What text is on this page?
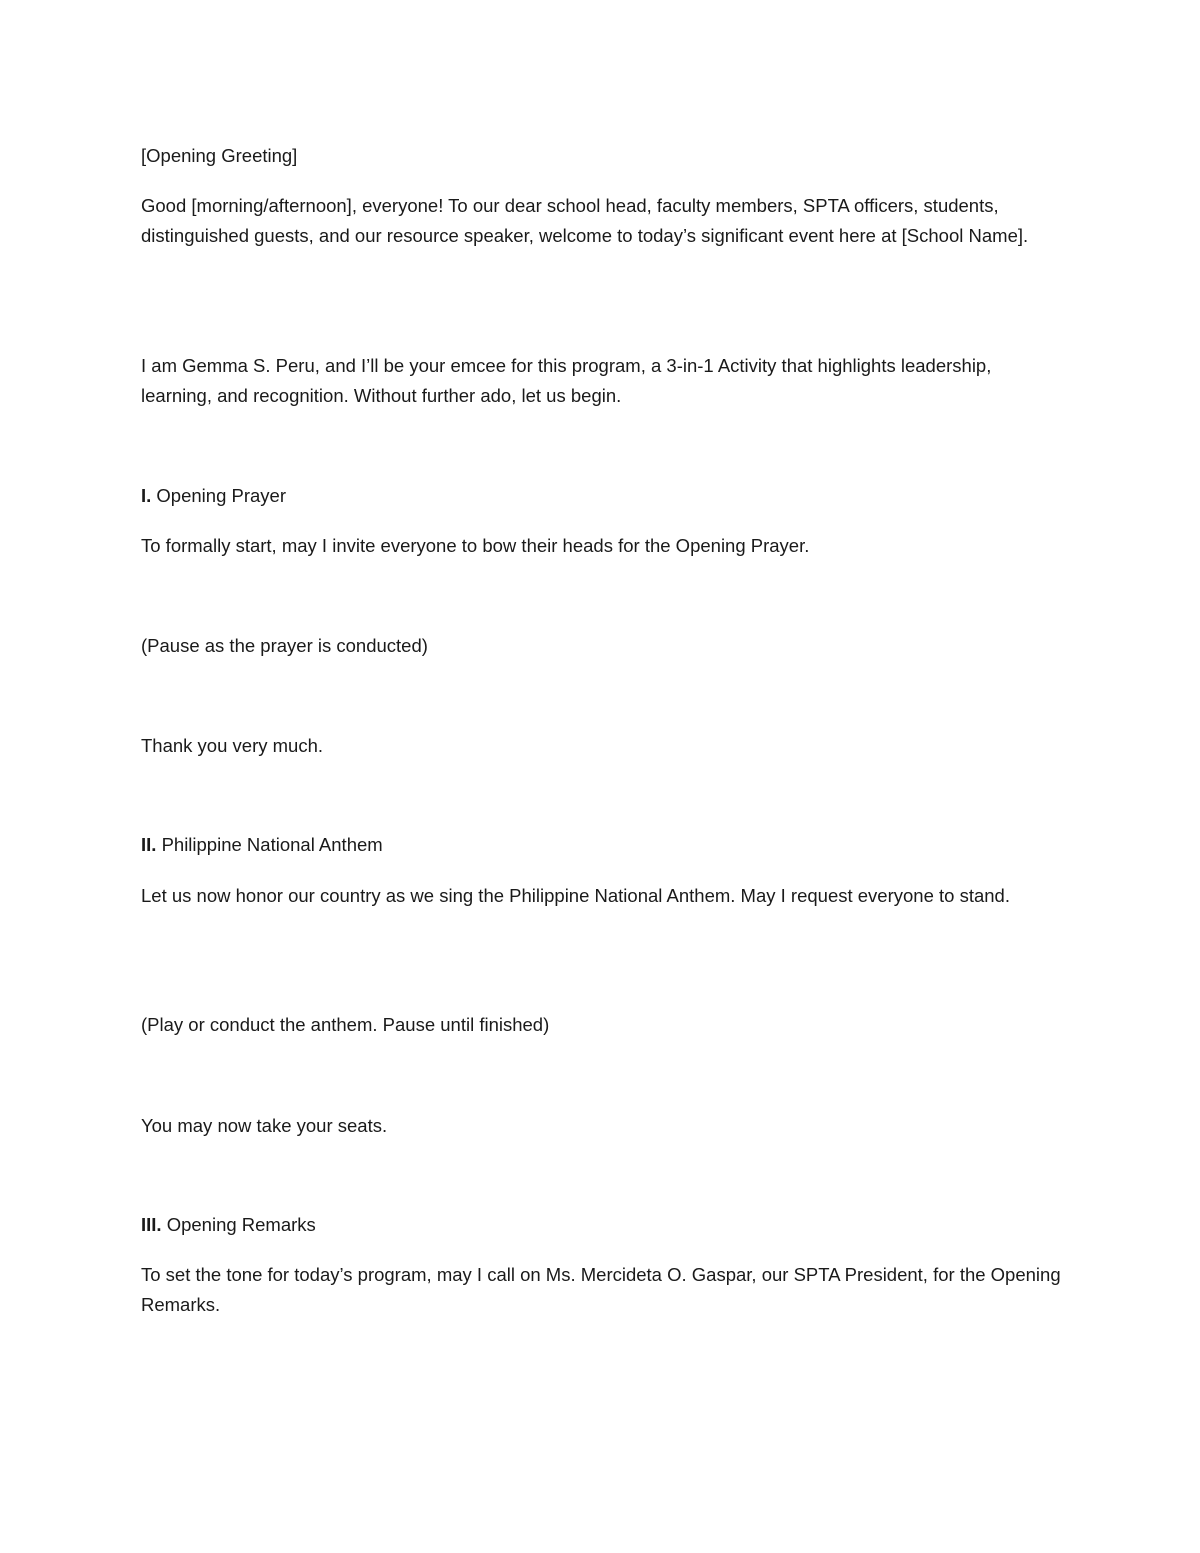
[Opening Greeting]

Good [morning/afternoon], everyone! To our dear school head, faculty members, SPTA officers, students, distinguished guests, and our resource speaker, welcome to today’s significant event here at [School Name].

I am Gemma S. Peru, and I’ll be your emcee for this program, a 3-in-1 Activity that highlights leadership, learning, and recognition. Without further ado, let us begin.

I. Opening Prayer

To formally start, may I invite everyone to bow their heads for the Opening Prayer.

(Pause as the prayer is conducted)

Thank you very much.

II. Philippine National Anthem

Let us now honor our country as we sing the Philippine National Anthem. May I request everyone to stand.

(Play or conduct the anthem. Pause until finished)

You may now take your seats.

III. Opening Remarks

To set the tone for today’s program, may I call on Ms. Mercideta O. Gaspar, our SPTA President, for the Opening Remarks.
